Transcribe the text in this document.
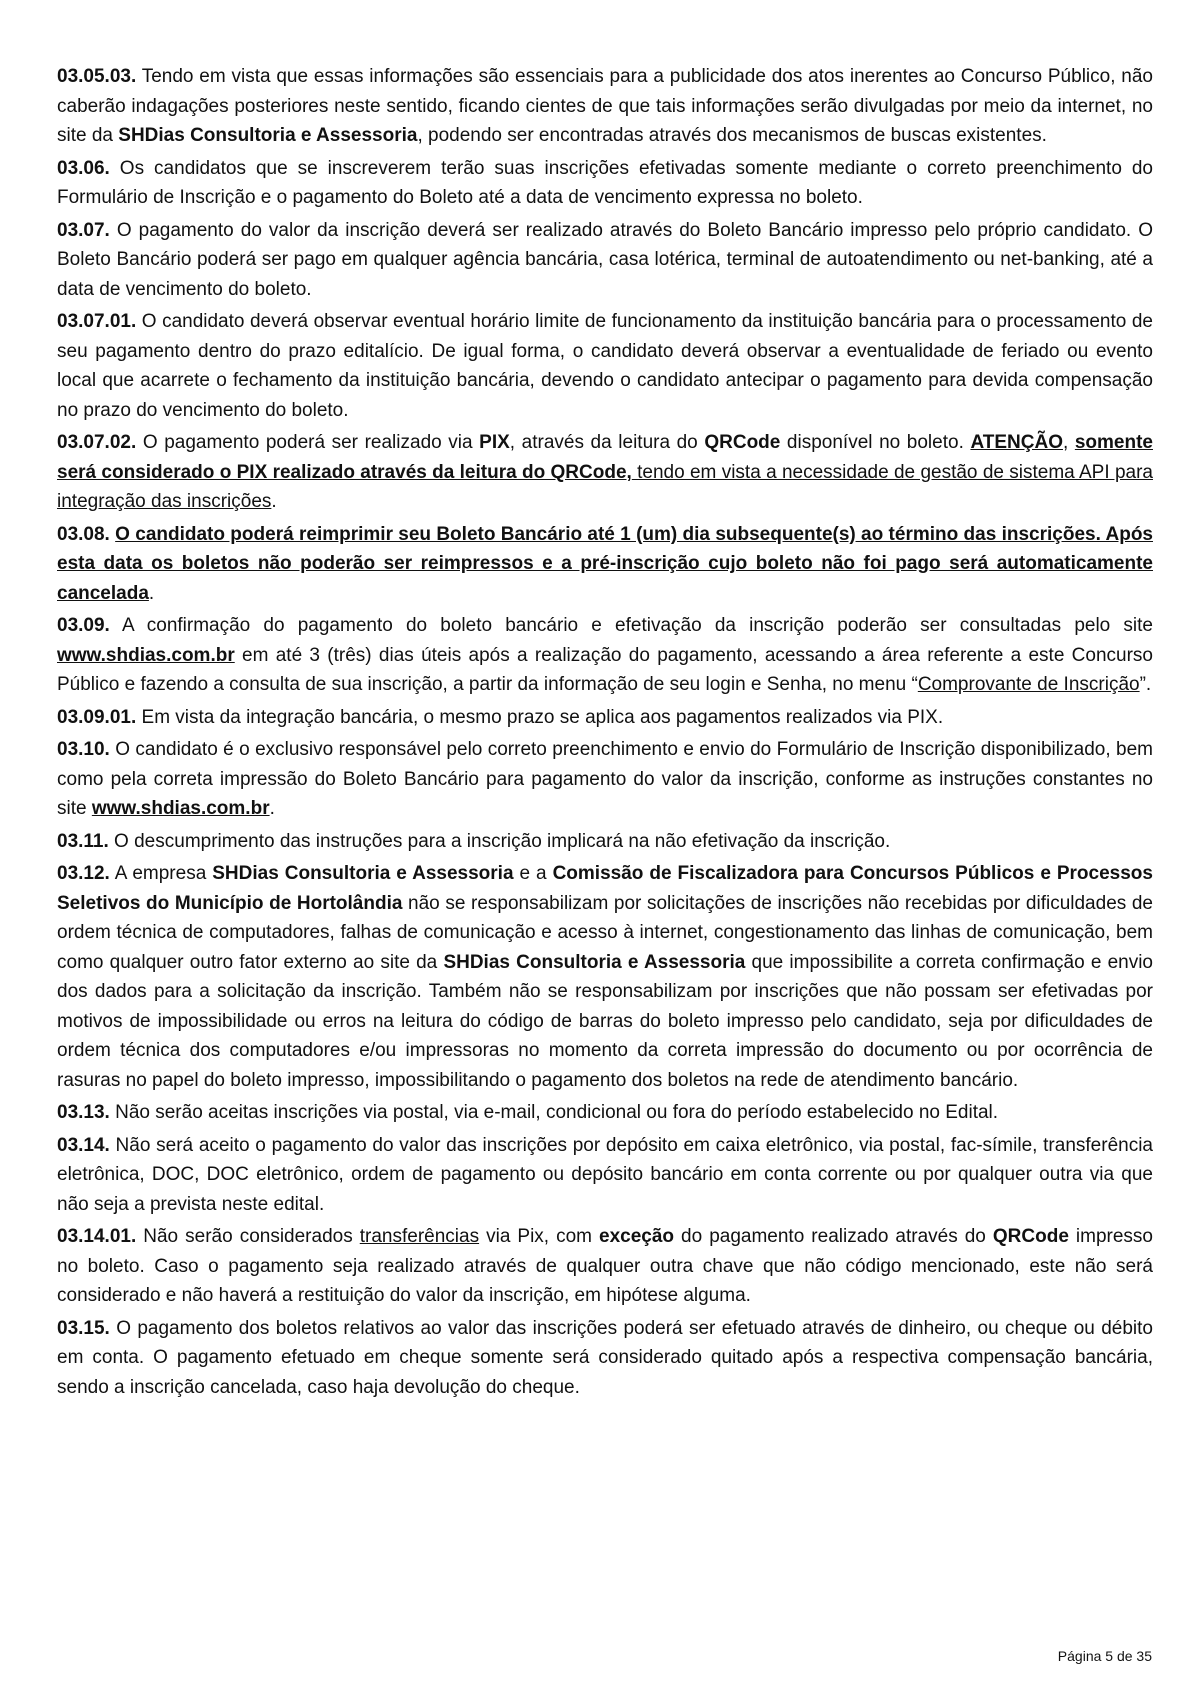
03.05.03. Tendo em vista que essas informações são essenciais para a publicidade dos atos inerentes ao Concurso Público, não caberão indagações posteriores neste sentido, ficando cientes de que tais informações serão divulgadas por meio da internet, no site da SHDias Consultoria e Assessoria, podendo ser encontradas através dos mecanismos de buscas existentes.

03.06. Os candidatos que se inscreverem terão suas inscrições efetivadas somente mediante o correto preenchimento do Formulário de Inscrição e o pagamento do Boleto até a data de vencimento expressa no boleto.

03.07. O pagamento do valor da inscrição deverá ser realizado através do Boleto Bancário impresso pelo próprio candidato. O Boleto Bancário poderá ser pago em qualquer agência bancária, casa lotérica, terminal de autoatendimento ou net-banking, até a data de vencimento do boleto.

03.07.01. O candidato deverá observar eventual horário limite de funcionamento da instituição bancária para o processamento de seu pagamento dentro do prazo editalício. De igual forma, o candidato deverá observar a eventualidade de feriado ou evento local que acarrete o fechamento da instituição bancária, devendo o candidato antecipar o pagamento para devida compensação no prazo do vencimento do boleto.

03.07.02. O pagamento poderá ser realizado via PIX, através da leitura do QRCode disponível no boleto. ATENÇÃO, somente será considerado o PIX realizado através da leitura do QRCode, tendo em vista a necessidade de gestão de sistema API para integração das inscrições.

03.08. O candidato poderá reimprimir seu Boleto Bancário até 1 (um) dia subsequente(s) ao término das inscrições. Após esta data os boletos não poderão ser reimpressos e a pré-inscrição cujo boleto não foi pago será automaticamente cancelada.

03.09. A confirmação do pagamento do boleto bancário e efetivação da inscrição poderão ser consultadas pelo site www.shdias.com.br em até 3 (três) dias úteis após a realização do pagamento, acessando a área referente a este Concurso Público e fazendo a consulta de sua inscrição, a partir da informação de seu login e Senha, no menu “Comprovante de Inscrição”.

03.09.01. Em vista da integração bancária, o mesmo prazo se aplica aos pagamentos realizados via PIX.

03.10. O candidato é o exclusivo responsável pelo correto preenchimento e envio do Formulário de Inscrição disponibilizado, bem como pela correta impressão do Boleto Bancário para pagamento do valor da inscrição, conforme as instruções constantes no site www.shdias.com.br.

03.11. O descumprimento das instruções para a inscrição implicará na não efetivação da inscrição.

03.12. A empresa SHDias Consultoria e Assessoria e a Comissão de Fiscalizadora para Concursos Públicos e Processos Seletivos do Município de Hortolândia não se responsabilizam por solicitações de inscrições não recebidas por dificuldades de ordem técnica de computadores, falhas de comunicação e acesso à internet, congestionamento das linhas de comunicação, bem como qualquer outro fator externo ao site da SHDias Consultoria e Assessoria que impossibilite a correta confirmação e envio dos dados para a solicitação da inscrição. Também não se responsabilizam por inscrições que não possam ser efetivadas por motivos de impossibilidade ou erros na leitura do código de barras do boleto impresso pelo candidato, seja por dificuldades de ordem técnica dos computadores e/ou impressoras no momento da correta impressão do documento ou por ocorrência de rasuras no papel do boleto impresso, impossibilitando o pagamento dos boletos na rede de atendimento bancário.

03.13. Não serão aceitas inscrições via postal, via e-mail, condicional ou fora do período estabelecido no Edital.

03.14. Não será aceito o pagamento do valor das inscrições por depósito em caixa eletrônico, via postal, fac-símile, transferência eletrônica, DOC, DOC eletrônico, ordem de pagamento ou depósito bancário em conta corrente ou por qualquer outra via que não seja a prevista neste edital.

03.14.01. Não serão considerados transferências via Pix, com exceção do pagamento realizado através do QRCode impresso no boleto. Caso o pagamento seja realizado através de qualquer outra chave que não código mencionado, este não será considerado e não haverá a restituição do valor da inscrição, em hipótese alguma.

03.15. O pagamento dos boletos relativos ao valor das inscrições poderá ser efetuado através de dinheiro, ou cheque ou débito em conta. O pagamento efetuado em cheque somente será considerado quitado após a respectiva compensação bancária, sendo a inscrição cancelada, caso haja devolução do cheque.

Página 5 de 35
